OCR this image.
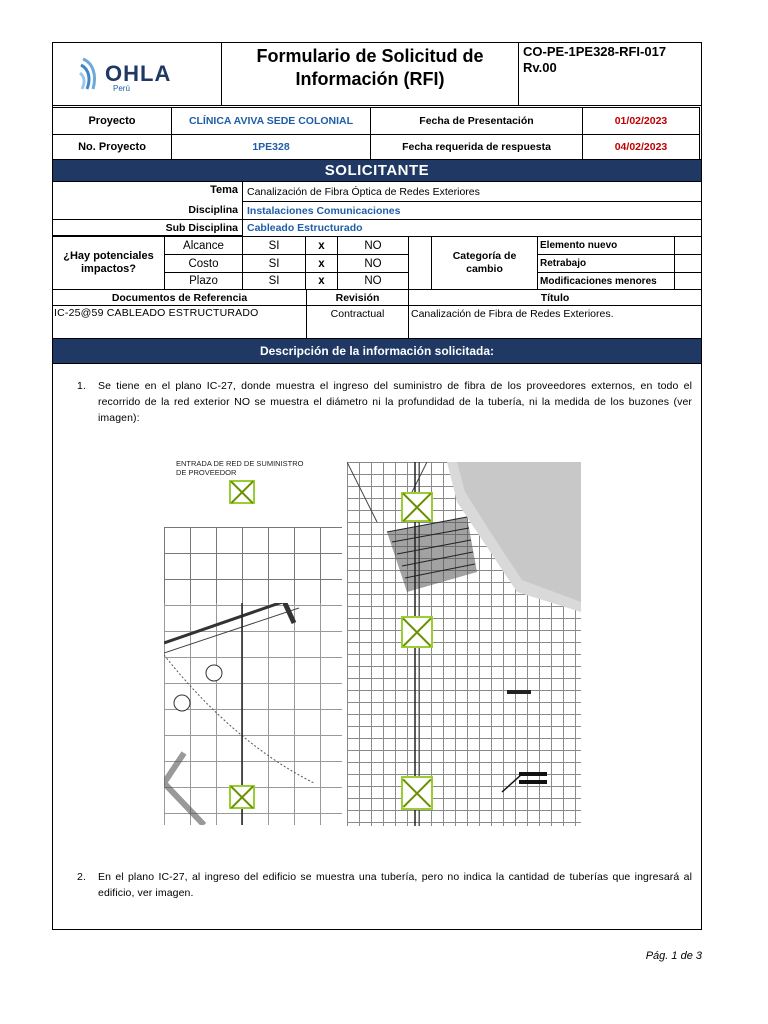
OHLA
Perú
Formulario de Solicitud de
Información (RFI)
CO-PE-1PE328-RFI-017
Rv.00
Proyecto	CLÍNICA AVIVA SEDE COLONIAL	Fecha de Presentación	01/02/2023
No. Proyecto	1PE328	Fecha requerida de respuesta	04/02/2023
SOLICITANTE
Tema Canalización de Fibra Óptica de Redes Exteriores
Disciplina Instalaciones Comunicaciones
Sub Disciplina Cableado Estructurado
¿Hay potenciales impactos?
Alcance	SI	x	NO
Costo	SI	x	NO
Plazo	SI	x	NO
Categoría de cambio
Elemento nuevo
Retrabajo
Modificaciones menores
Documentos de Referencia	Revisión	Título
IC-25@59 CABLEADO ESTRUCTURADO	Contractual	Canalización de Fibra de Redes Exteriores.
Descripción de la información solicitada:
1.	Se tiene en el plano IC-27, donde muestra el ingreso del suministro de fibra de los proveedores externos, en todo el recorrido de la red exterior NO se muestra el diámetro ni la profundidad de la tubería, ni la medida de los buzones (ver imagen):
ENTRADA DE RED DE SUMINISTRO DE PROVEEDOR
2.	En el plano IC-27, al ingreso del edificio se muestra una tubería, pero no indica la cantidad de tuberías que ingresará al edificio, ver imagen.
Pág. 1 de 3
